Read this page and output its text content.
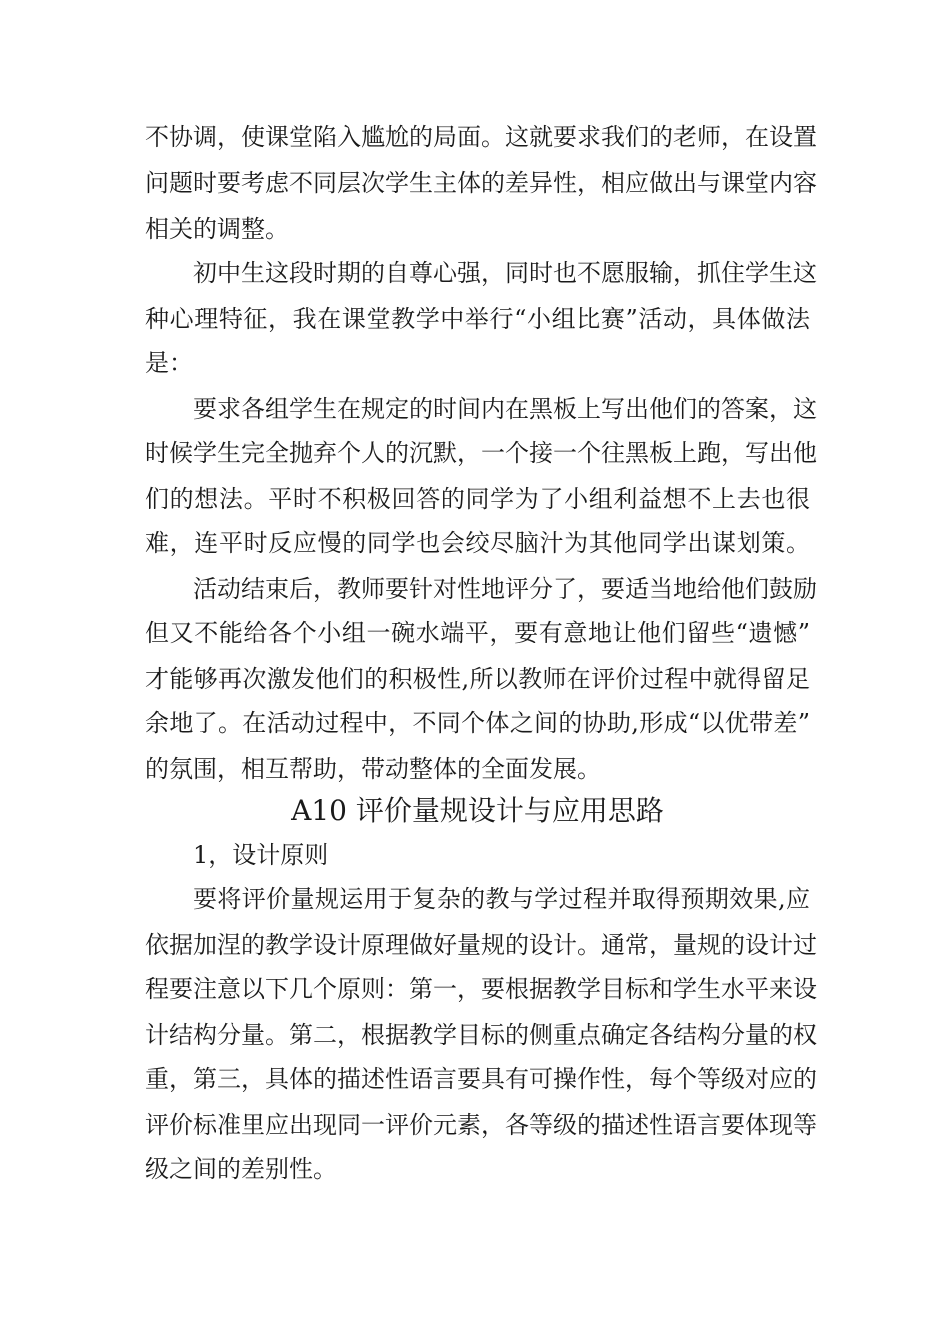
不协调，使课堂陷入尴尬的局面。这就要求我们的老师，在设置
问题时要考虑不同层次学生主体的差异性，相应做出与课堂内容
相关的调整。
初中生这段时期的自尊心强，同时也不愿服输，抓住学生这
种心理特征，我在课堂教学中举行“小组比赛”活动，具体做法
是：
要求各组学生在规定的时间内在黑板上写出他们的答案，这
时候学生完全抛弃个人的沉默，一个接一个往黑板上跑，写出他
们的想法。平时不积极回答的同学为了小组利益想不上去也很
难，连平时反应慢的同学也会绞尽脑汁为其他同学出谋划策。
活动结束后，教师要针对性地评分了，要适当地给他们鼓励
但又不能给各个小组一碗水端平，要有意地让他们留些“遗憾”
才能够再次激发他们的积极性,所以教师在评价过程中就得留足
余地了。在活动过程中，不同个体之间的协助,形成“以优带差”
的氛围，相互帮助，带动整体的全面发展。
A10 评价量规设计与应用思路
1，设计原则
要将评价量规运用于复杂的教与学过程并取得预期效果,应
依据加涅的教学设计原理做好量规的设计。通常，量规的设计过
程要注意以下几个原则：第一，要根据教学目标和学生水平来设
计结构分量。第二，根据教学目标的侧重点确定各结构分量的权
重，第三，具体的描述性语言要具有可操作性，每个等级对应的
评价标准里应出现同一评价元素，各等级的描述性语言要体现等
级之间的差别性。
